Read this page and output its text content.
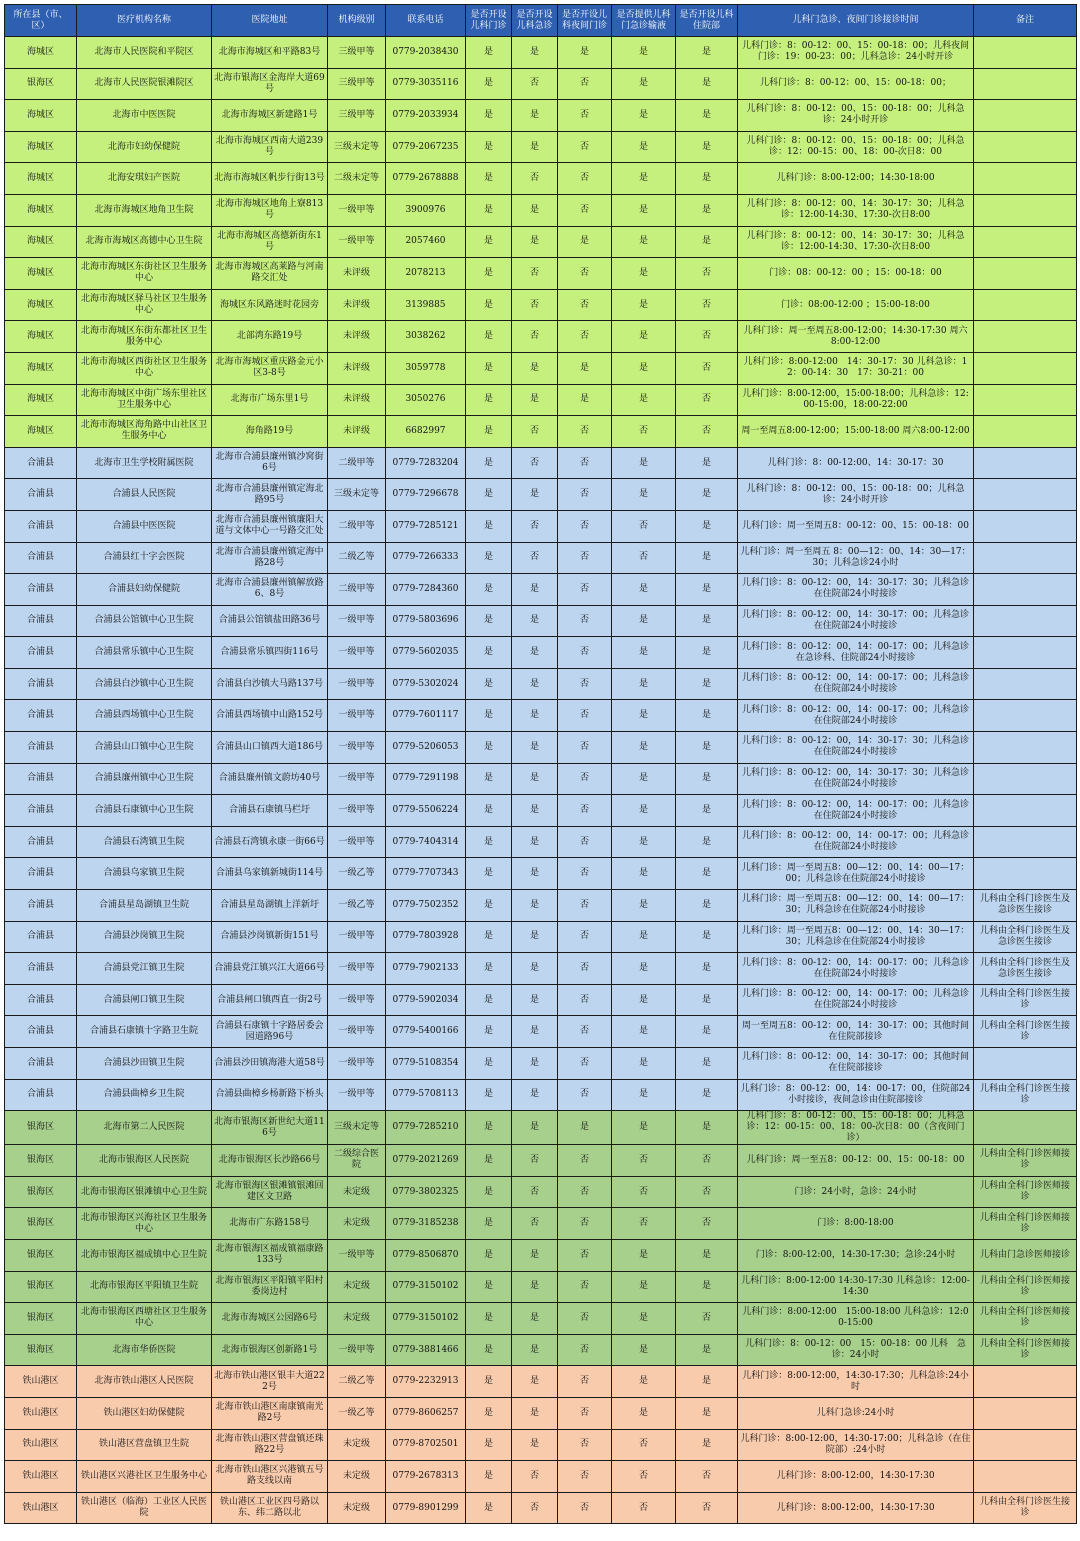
所在县（市、区）	医疗机构名称	医院地址	机构级别	联系电话	是否开设儿科门诊	是否开设儿科急诊	是否开设儿科夜间门诊	是否提供儿科门急诊输液	是否开设儿科住院部	儿科门急诊、夜间门诊接诊时间	备注
海城区	北海市人民医院和平院区	北海市海城区和平路83号	三级甲等	0779-2038430	是	是	是	是	是	儿科门诊：8：00-12：00、15：00-18：00；儿科夜间门诊：19：00-23：00；儿科急诊：24小时开诊	
银海区	北海市人民医院银滩院区	北海市银海区金海岸大道69号	三级甲等	0779-3035116	是	否	否	是	是	儿科门诊：8：00-12：00、15：00-18：00；	
海城区	北海市中医医院	北海市海城区新建路1号	三级甲等	0779-2033934	是	是	否	是	是	儿科门诊：8：00-12：00、15：00-18：00；儿科急诊：24小时开诊	
海城区	北海市妇幼保健院	北海市海城区西南大道239号	三级未定等	0779-2067235	是	是	否	是	是	儿科门诊：8：00-12：00、15：00-18：00；儿科急诊：12：00-15：00、18：00-次日8：00	
海城区	北海安琪妇产医院	北海市海城区帆步行街13号	二级未定等	0779-2678888	是	否	否	是	是	儿科门诊：8:00-12:00；14:30-18:00	
海城区	北海市海城区地角卫生院	北海市海城区地角上寮813号	一级甲等	3900976	是	是	否	是	是	儿科门诊：8：00-12：00、14：30-17：30；儿科急诊：12:00-14:30、17:30-次日8:00	
海城区	北海市海城区高德中心卫生院	北海市海城区高德新街东1号	一级甲等	2057460	是	是	是	是	是	儿科门诊：8：00-12：00、14：30-17：30；儿科急诊：12:00-14:30、17:30-次日8:00	
海城区	北海市海城区东街社区卫生服务中心	北海市海城区高莱路与河南路交汇处	未评级	2078213	是	否	否	是	否	门诊：08：00-12：00 ；15：00-18：00	
海城区	北海市海城区驿马社区卫生服务中心	海城区东风路迷时花园旁	未评级	3139885	是	否	否	是	否	门诊：08:00-12:00 ；15:00-18:00	
海城区	北海市海城区东街东都社区卫生服务中心	北部湾东路19号	未评级	3038262	是	否	否	是	否	儿科门诊：周一至周五8:00-12:00；14:30-17:30 周六8:00-12:00	
海城区	北海市海城区西街社区卫生服务中心	北海市海城区重庆路金元小区3-8号	未评级	3059778	是	是	是	是	否	儿科门诊：8:00-12:00　14：30-17：30 儿科急诊：12：00-14：30　17：30-21：00	
海城区	北海市海城区中街广场东里社区卫生服务中心	北海市广场东里1号	未评级	3050276	是	是	是	是	否	儿科门诊：8:00-12:00，15:00-18:00；儿科急诊：12:00-15:00，18:00-22:00	
海城区	北海市海城区海角路中山社区卫生服务中心	海角路19号	未评级	6682997	是	否	否	否	否	周一至周五8:00-12:00；15:00-18:00 周六8:00-12:00	
合浦县	北海市卫生学校附属医院	北海市合浦县廉州镇沙窝街6号	二级甲等	0779-7283204	是	否	否	是	是	儿科门诊：8：00-12:00、14：30-17：30	
合浦县	合浦县人民医院	北海市合浦县廉州镇定海北路95号	三级未定等	0779-7296678	是	是	否	是	是	儿科门诊：8：00-12：00、15：00-18：00；儿科急诊：24小时开诊	
合浦县	合浦县中医医院	北海市合浦县廉州镇廉阳大道与文体中心一号路交汇处	二级甲等	0779-7285121	是	否	否	否	是	儿科门诊：周一至周五8：00-12：00、15：00-18：00	
合浦县	合浦县红十字会医院	北海市合浦县廉州镇定海中路28号	二级乙等	0779-7266333	是	否	否	否	是	儿科门诊：周一至周五 8：00—12：00、14：30—17：30；儿科急诊24小时	
合浦县	合浦县妇幼保健院	北海市合浦县廉州镇解放路6、8号	二级甲等	0779-7284360	是	是	否	是	是	儿科门诊：8：00-12：00，14：30-17：30；儿科急诊在住院部24小时接诊	
合浦县	合浦县公馆镇中心卫生院	合浦县公馆镇盐田路36号	一级甲等	0779-5803696	是	是	否	是	是	儿科门诊：8：00-12：00，14：30-17：00；儿科急诊在住院部24小时接诊	
合浦县	合浦县常乐镇中心卫生院	合浦县常乐镇四街116号	一级甲等	0779-5602035	是	是	否	是	是	儿科门诊：8：00-12：00，14：00-17：00；儿科急诊在急诊科、住院部24小时接诊	
合浦县	合浦县白沙镇中心卫生院	合浦县白沙镇大马路137号	一级甲等	0779-5302024	是	是	否	是	是	儿科门诊：8：00-12：00，14：00-17：00；儿科急诊在住院部24小时接诊	
合浦县	合浦县西场镇中心卫生院	合浦县西场镇中山路152号	一级甲等	0779-7601117	是	是	否	是	是	儿科门诊：8：00-12：00，14：00-17：00；儿科急诊在住院部24小时接诊	
合浦县	合浦县山口镇中心卫生院	合浦县山口镇西大道186号	一级甲等	0779-5206053	是	是	否	是	是	儿科门诊：8：00-12：00，14：30-17：30；儿科急诊在住院部24小时接诊	
合浦县	合浦县廉州镇中心卫生院	合浦县廉州镇文蔚坊40号	一级甲等	0779-7291198	是	是	否	是	是	儿科门诊：8：00-12：00，14：30-17：30；儿科急诊在住院部24小时接诊	
合浦县	合浦县石康镇中心卫生院	合浦县石康镇马栏圩	一级甲等	0779-5506224	是	是	否	是	是	儿科门诊：8：00-12：00，14：00-17：00；儿科急诊在住院部24小时接诊	
合浦县	合浦县石湾镇卫生院	合浦县石湾镇永康一街66号	一级甲等	0779-7404314	是	是	否	是	是	儿科门诊：8：00-12：00，14：00-17：00；儿科急诊在住院部24小时接诊	
合浦县	合浦县乌家镇卫生院	合浦县乌家镇新城街114号	一级乙等	0779-7707343	是	是	否	是	是	儿科门诊：周一至周五8：00—12：00、14：00—17：00；儿科急诊在住院部24小时接诊	
合浦县	合浦县星岛湖镇卫生院	合浦县星岛湖镇上洋新圩	一级乙等	0779-7502352	是	是	否	是	是	儿科门诊：周一至周五8：00—12：00、14：00—17：30；儿科急诊在住院部24小时接诊	儿科由全科门诊医生及急诊医生接诊
合浦县	合浦县沙岗镇卫生院	合浦县沙岗镇新街151号	一级甲等	0779-7803928	是	是	否	是	是	儿科门诊：周一至周五8：00—12：00、14：30—17：30；儿科急诊在住院部24小时接诊	儿科由全科门诊医生及急诊医生接诊
合浦县	合浦县党江镇卫生院	合浦县党江镇兴江大道66号	一级甲等	0779-7902133	是	是	否	是	是	儿科门诊：8：00-12：00，14：00-17：00；儿科急诊在住院部24小时接诊	儿科由全科门诊医生及急诊医生接诊
合浦县	合浦县闸口镇卫生院	合浦县闸口镇西直一街2号	一级甲等	0779-5902034	是	是	否	是	是	儿科门诊：8：00-12：00，14：00-17：00；儿科急诊在住院部24小时接诊	儿科由全科门诊医生接诊
合浦县	合浦县石康镇十字路卫生院	合浦县石康镇十字路居委会园道路96号	一级甲等	0779-5400166	是	是	否	是	是	周一至周五8：00-12：00，14：30-17：00；其他时间在住院部接诊	儿科由全科门诊医生接诊
合浦县	合浦县沙田镇卫生院	合浦县沙田镇海港大道58号	一级甲等	0779-5108354	是	是	否	是	是	儿科门诊：8：00-12：00，14：30-17：00；其他时间在住院部接诊	
合浦县	合浦县曲樟乡卫生院	合浦县曲樟乡杨新路下桥头	一级甲等	0779-5708113	是	是	否	是	是	儿科门诊：8：00-12：00，14：00-17：00，住院部24小时接诊，夜间急诊由住院部接诊	儿科由全科门诊医生接诊
银海区	北海市第二人民医院	北海市银海区新世纪大道116号	三级未定等	0779-7285210	是	是	是	是	是	儿科门诊：8：00-12：00、15：00-18：00；儿科急诊：12：00-15：00、18：00-次日8：00（含夜间门诊）	
银海区	北海市银海区人民医院	北海市银海区长沙路66号	二级综合医院	0779-2021269	是	否	否	否	否	儿科门诊：周一至五8：00-12：00、15：00-18：00	儿科由全科门诊医师接诊
银海区	北海市银海区银滩镇中心卫生院	北海市银海区银滩镇银滩回建区文卫路	未定级	0779-3802325	是	否	否	否	否	门诊：24小时，急诊：24小时	儿科由全科门诊医师接诊
银海区	北海市银海区兴海社区卫生服务中心	北海市广东路158号	未定级	0779-3185238	是	否	否	否	否	门诊：8:00-18:00	儿科由全科门诊医师接诊
银海区	北海市银海区福成镇中心卫生院	北海市银海区福成镇福康路133号	一级甲等	0779-8506870	是	是	否	是	是	门诊：8:00-12:00，14:30-17:30；急诊:24小时	儿科由门急诊医师接诊
银海区	北海市银海区平阳镇卫生院	北海市银海区平阳镇平阳村委岗边村	未定级	0779-3150102	是	是	否	是	是	儿科门诊：8:00-12:00 14:30-17:30 儿科急诊：12:00-14:30	儿科由全科门诊医师接诊
银海区	北海市银海区西塘社区卫生服务中心	北海市海城区公园路6号	未定级	0779-3150102	是	是	否	是	否	儿科门诊：8:00-12:00　15:00-18:00 儿科急诊：12:00-15:00	儿科由全科门诊医师接诊
银海区	北海市华侨医院	北海市银海区创新路1号	一级甲等	0779-3881466	是	是	否	是	是	儿科门诊：8：00-12：00　15：00-18：00 儿科　急诊：24小时	儿科由全科门诊医师接诊
铁山港区	北海市铁山港区人民医院	北海市铁山港区银丰大道222号	二级乙等	0779-2232913	是	是	否	是	是	儿科门诊：8:00-12:00，14:30-17:30；儿科急诊:24小时	
铁山港区	铁山港区妇幼保健院	北海市铁山港区南康镇南光路2号	一级乙等	0779-8606257	是	是	否	是	是	儿科门急诊:24小时	
铁山港区	铁山港区营盘镇卫生院	北海市铁山港区营盘镇还珠路22号	未定级	0779-8702501	是	是	否	否	是	儿科门诊：8:00-12:00，14:30-17:00；儿科急诊（在住院部）:24小时	
铁山港区	铁山港区兴港社区卫生服务中心	北海市铁山港区兴港镇五号路支线以南	未定级	0779-2678313	是	否	否	否	否	儿科门诊：8:00-12:00，14:30-17:30	
铁山港区	铁山港区（临海）工业区人民医院	铁山港区工业区四号路以东、纬二路以北	未定级	0779-8901299	是	否	否	否	否	儿科门诊：8:00-12:00，14:30-17:30	儿科由全科门诊医生接诊
